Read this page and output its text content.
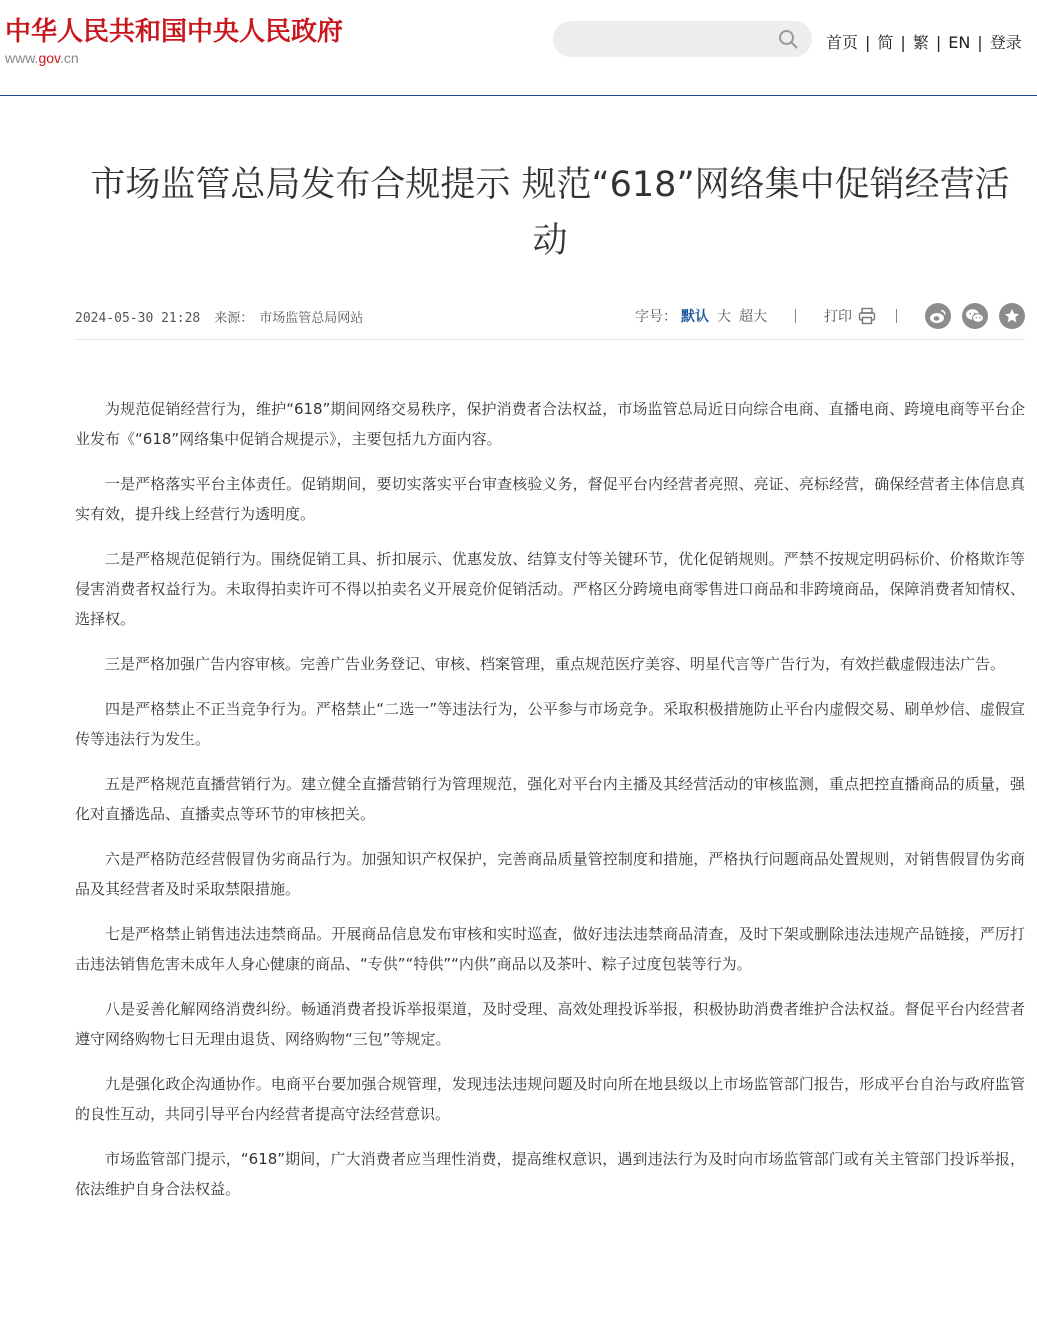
中华人民共和国中央人民政府
www.gov.cn
首页 | 简 | 繁 | EN | 登录
市场监管总局发布合规提示 规范“618”网络集中促销经营活动
2024-05-30 21:28 来源： 市场监管总局网站	字号： 默认 大 超大	打印

为规范促销经营行为，维护“618”期间网络交易秩序，保护消费者合法权益，市场监管总局近日向综合电商、直播电商、跨境电商等平台企业发布《“618”网络集中促销合规提示》，主要包括九方面内容。

一是严格落实平台主体责任。促销期间，要切实落实平台审查核验义务，督促平台内经营者亮照、亮证、亮标经营，确保经营者主体信息真实有效，提升线上经营行为透明度。

二是严格规范促销行为。围绕促销工具、折扣展示、优惠发放、结算支付等关键环节，优化促销规则。严禁不按规定明码标价、价格欺诈等侵害消费者权益行为。未取得拍卖许可不得以拍卖名义开展竞价促销活动。严格区分跨境电商零售进口商品和非跨境商品，保障消费者知情权、选择权。

三是严格加强广告内容审核。完善广告业务登记、审核、档案管理，重点规范医疗美容、明星代言等广告行为，有效拦截虚假违法广告。

四是严格禁止不正当竞争行为。严格禁止“二选一”等违法行为，公平参与市场竞争。采取积极措施防止平台内虚假交易、刷单炒信、虚假宣传等违法行为发生。

五是严格规范直播营销行为。建立健全直播营销行为管理规范，强化对平台内主播及其经营活动的审核监测，重点把控直播商品的质量，强化对直播选品、直播卖点等环节的审核把关。

六是严格防范经营假冒伪劣商品行为。加强知识产权保护，完善商品质量管控制度和措施，严格执行问题商品处置规则，对销售假冒伪劣商品及其经营者及时采取禁限措施。

七是严格禁止销售违法违禁商品。开展商品信息发布审核和实时巡查，做好违法违禁商品清查，及时下架或删除违法违规产品链接，严厉打击违法销售危害未成年人身心健康的商品、“专供”“特供”“内供”商品以及茶叶、粽子过度包装等行为。

八是妥善化解网络消费纠纷。畅通消费者投诉举报渠道，及时受理、高效处理投诉举报，积极协助消费者维护合法权益。督促平台内经营者遵守网络购物七日无理由退货、网络购物“三包”等规定。

九是强化政企沟通协作。电商平台要加强合规管理，发现违法违规问题及时向所在地县级以上市场监管部门报告，形成平台自治与政府监管的良性互动，共同引导平台内经营者提高守法经营意识。

市场监管部门提示，“618”期间，广大消费者应当理性消费，提高维权意识，遇到违法行为及时向市场监管部门或有关主管部门投诉举报，依法维护自身合法权益。
